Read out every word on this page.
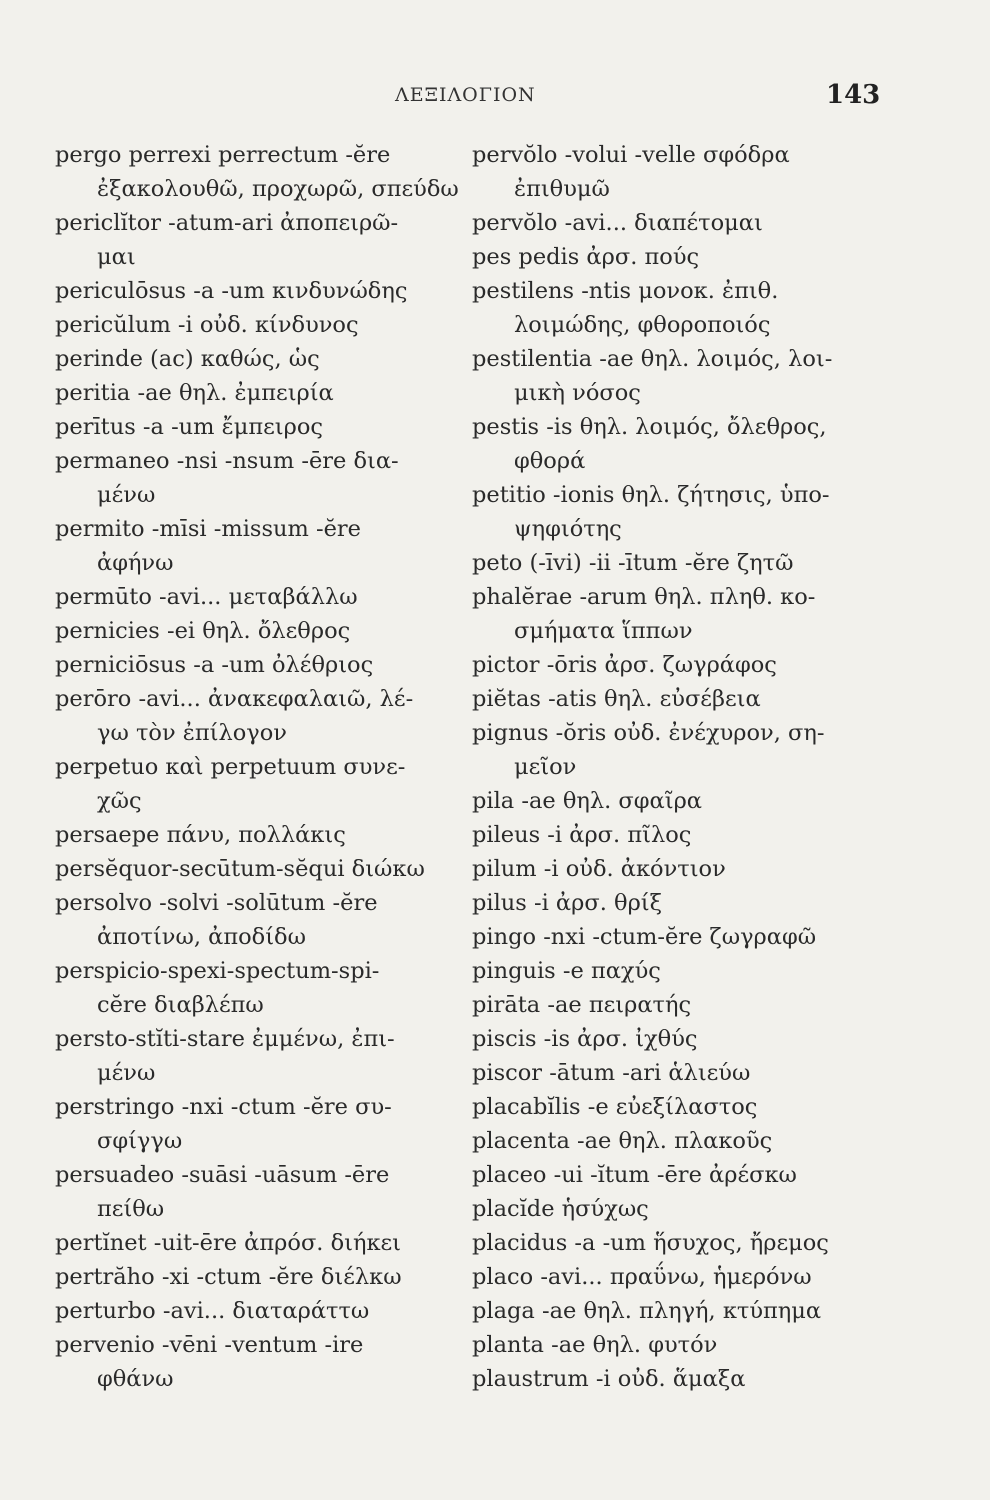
ΛΕΞΙΛΟΓΙΟΝ	143
pergo perrexi perrectum -ĕre
ἐξακολουθῶ, προχωρῶ, σπεύδω
periclĭtor -atum-ari ἀποπειρῶ-
μαι
periculōsus -a -um κινδυνώδης
pericŭlum -i οὐδ. κίνδυνος
perinde (ac) καθώς, ὡς
peritia -ae θηλ. ἐμπειρία
perītus -a -um ἔμπειρος
permaneo -nsi -nsum -ēre δια-
μένω
permito -mīsi -missum -ĕre
ἀφήνω
permūto -avi... μεταβάλλω
pernicies -ei θηλ. ὄλεθρος
perniciōsus -a -um ὀλέθριος
perōro -avi... ἀνακεφαλαιῶ, λέ-
γω τὸν ἐπίλογον
perpetuo καὶ perpetuum συνε-
χῶς
persaepe πάνυ, πολλάκις
persĕquor-secūtum-sĕqui διώκω
persolvo -solvi -solūtum -ĕre
ἀποτίνω, ἀποδίδω
perspicio-spexi-spectum-spi-
cĕre διαβλέπω
persto-stĭti-stare ἐμμένω, ἐπι-
μένω
perstringo -nxi -ctum -ĕre συ-
σφίγγω
persuadeo -suāsi -uāsum -ēre
πείθω
pertĭnet -uit-ēre ἀπρόσ. διήκει
pertrăho -xi -ctum -ĕre διέλκω
perturbo -avi... διαταράττω
pervenio -vēni -ventum -ire
φθάνω
pervŏlo -volui -velle σφόδρα
ἐπιθυμῶ
pervŏlo -avi... διαπέτομαι
pes pedis ἀρσ. πούς
pestilens -ntis μονοκ. ἐπιθ.
λοιμώδης, φθοροποιός
pestilentia -ae θηλ. λοιμός, λοι-
μικὴ νόσος
pestis -is θηλ. λοιμός, ὄλεθρος,
φθορά
petitio -ionis θηλ. ζήτησις, ὑπο-
ψηφιότης
peto (-īvi) -ii -ītum -ĕre ζητῶ
phalĕrae -arum θηλ. πληθ. κο-
σμήματα ἵππων
pictor -ōris ἀρσ. ζωγράφος
piĕtas -atis θηλ. εὐσέβεια
pignus -ŏris οὐδ. ἐνέχυρον, ση-
μεῖον
pila -ae θηλ. σφαῖρα
pileus -i ἀρσ. πῖλος
pilum -i οὐδ. ἀκόντιον
pilus -i ἀρσ. θρίξ
pingo -nxi -ctum-ĕre ζωγραφῶ
pinguis -e παχύς
pirāta -ae πειρατής
piscis -is ἀρσ. ἰχθύς
piscor -ātum -ari ἁλιεύω
placabĭlis -e εὐεξίλαστος
placenta -ae θηλ. πλακοῦς
placeo -ui -ĭtum -ēre ἀρέσκω
placĭde ἡσύχως
placidus -a -um ἥσυχος, ἤρεμος
placo -avi... πραΰνω, ἡμερόνω
plaga -ae θηλ. πληγή, κτύπημα
planta -ae θηλ. φυτόν
plaustrum -i οὐδ. ἅμαξα
